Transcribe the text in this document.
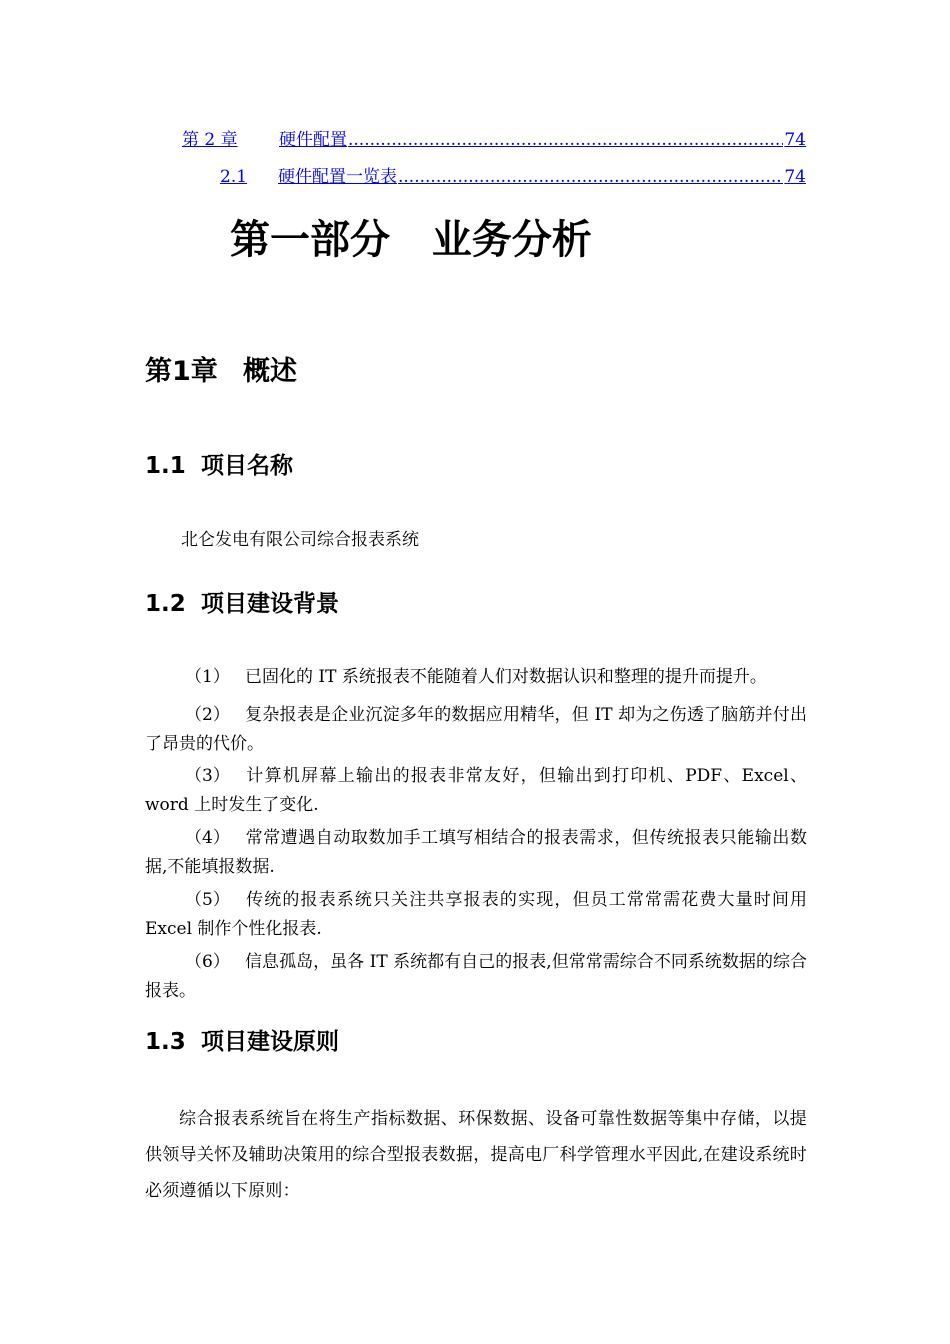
第 2 章	硬件配置 .....	74
2.1	硬件配置一览表 .....	74
第一部分   业务分析
第1章 概述
1.1 项目名称
北仑发电有限公司综合报表系统
1.2 项目建设背景
（1） 已固化的 IT 系统报表不能随着人们对数据认识和整理的提升而提升。
（2） 复杂报表是企业沉淀多年的数据应用精华，但 IT 却为之伤透了脑筋并付出了昂贵的代价。
（3） 计算机屏幕上输出的报表非常友好，但输出到打印机、PDF、Excel、word 上时发生了变化.
（4） 常常遭遇自动取数加手工填写相结合的报表需求，但传统报表只能输出数据,不能填报数据.
（5） 传统的报表系统只关注共享报表的实现，但员工常常需花费大量时间用 Excel 制作个性化报表.
（6） 信息孤岛，虽各 IT 系统都有自己的报表,但常常需综合不同系统数据的综合报表。
1.3 项目建设原则
综合报表系统旨在将生产指标数据、环保数据、设备可靠性数据等集中存储，以提供领导关怀及辅助决策用的综合型报表数据，提高电厂科学管理水平因此,在建设系统时必须遵循以下原则：
